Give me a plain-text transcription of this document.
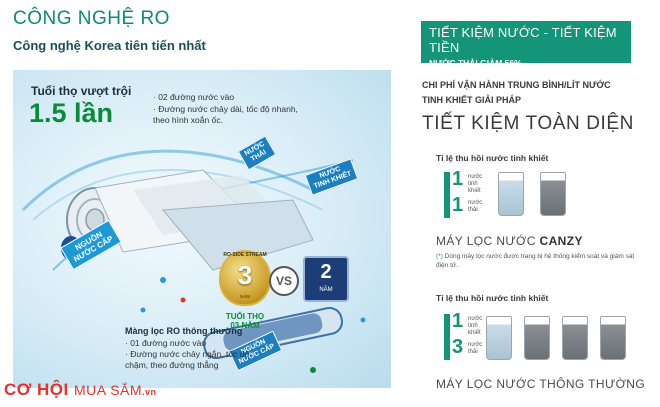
CÔNG NGHỆ RO
Công nghệ Korea tiên tiến nhất
Tuổi thọ vượt trội
1.5 lần
· 02 đường nước vào
· Đường nước chảy dài, tốc độ nhanh, theo hình xoắn ốc.
NƯỚC
THẢI
NƯỚC
TINH KHIẾT
NGUỒN
NƯỚC CẤP
NGUỒN
NƯỚC CẤP
RO-SIDE STREAM
3
NĂM
TUỔI THỌ
03 NĂM
VS	2
NĂM
Màng lọc RO thông thường
· 01 đường nước vào
· Đường nước chảy ngắn, tốc độ chậm, theo đường thẳng
CƠ HỘI MUA SẮM.vn
TIẾT KIỆM NƯỚC - TIẾT KIỆM TIỀN
NƯỚC THẢI GIẢM 56%
CHI PHÍ VẬN HÀNH TRUNG BÌNH/LÍT NƯỚC
TINH KHIẾT GIẢI PHÁP
TIẾT KIỆM TOÀN DIỆN
Tỉ lệ thu hồi nước tinh khiết
1 nước
tinh khiết
1 nước
thải
MÁY LỌC NƯỚC CANZY
(*) Dòng máy lọc nước được trang bị hệ thống kiểm soát và giám sát điện tử.
Tỉ lệ thu hồi nước tinh khiết
1 nước
tinh khiết
3 nước
thải
MÁY LỌC NƯỚC THÔNG THƯỜNG
